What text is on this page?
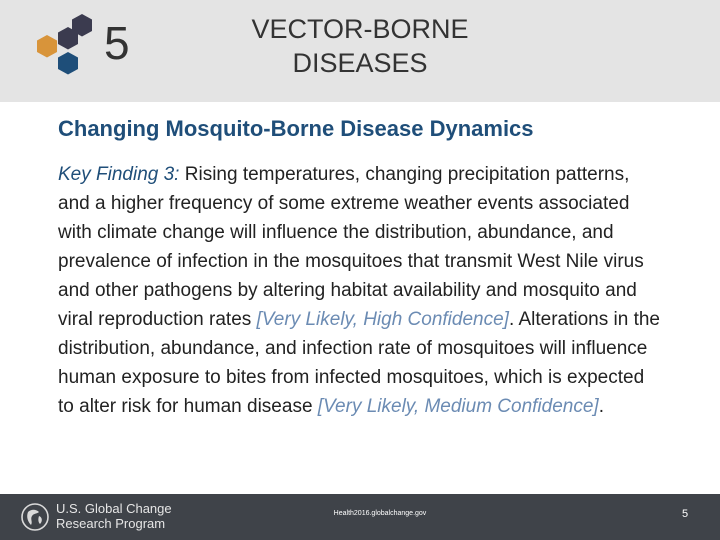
5	VECTOR-BORNE
DISEASES
Changing Mosquito-Borne Disease Dynamics
Key Finding 3: Rising temperatures, changing precipitation patterns, and a higher frequency of some extreme weather events associated with climate change will influence the distribution, abundance, and prevalence of infection in the mosquitoes that transmit West Nile virus and other pathogens by altering habitat availability and mosquito and viral reproduction rates [Very Likely, High Confidence]. Alterations in the distribution, abundance, and infection rate of mosquitoes will influence human exposure to bites from infected mosquitoes, which is expected to alter risk for human disease [Very Likely, Medium Confidence].
U.S. Global Change
Research Program
Health2016.globalchange.gov	5
